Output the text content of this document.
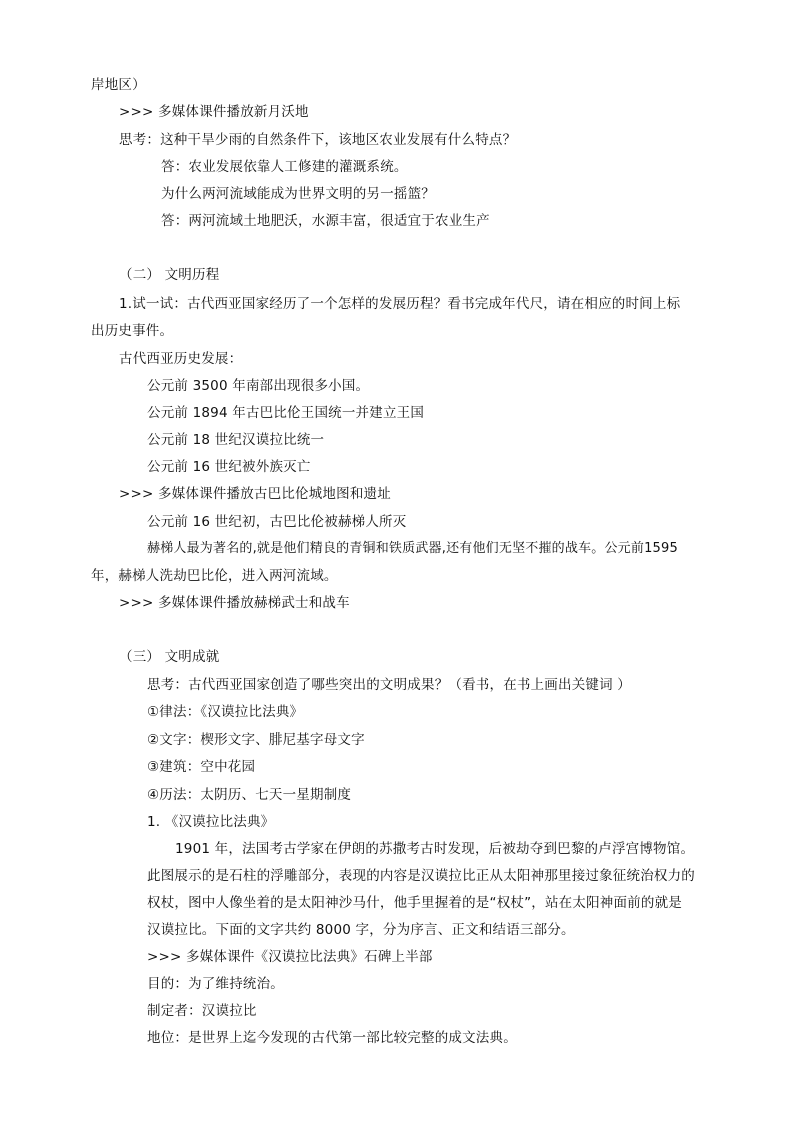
岸地区）
>>> 多媒体课件播放新月沃地
思考：这种干旱少雨的自然条件下，该地区农业发展有什么特点？
答：农业发展依靠人工修建的灌溉系统。
为什么两河流域能成为世界文明的另一摇篮？
答：两河流域土地肥沃，水源丰富，很适宜于农业生产
（二） 文明历程
1.试一试：古代西亚国家经历了一个怎样的发展历程？看书完成年代尺，请在相应的时间上标
出历史事件。
古代西亚历史发展：
公元前 3500 年南部出现很多小国。
公元前 1894 年古巴比伦王国统一并建立王国
公元前 18 世纪汉谟拉比统一
公元前 16 世纪被外族灭亡
>>> 多媒体课件播放古巴比伦城地图和遗址
公元前 16 世纪初，古巴比伦被赫梯人所灭
赫梯人最为著名的,就是他们精良的青铜和铁质武器,还有他们无坚不摧的战车。公元前1595
年，赫梯人洗劫巴比伦，进入两河流域。
>>> 多媒体课件播放赫梯武士和战车
（三） 文明成就
思考：古代西亚国家创造了哪些突出的文明成果？（看书，在书上画出关键词 ）
①律法：《汉谟拉比法典》
②文字：楔形文字、腓尼基字母文字
③建筑：空中花园
④历法：太阴历、七天一星期制度
1. 《汉谟拉比法典》
1901 年，法国考古学家在伊朗的苏撒考古时发现，后被劫夺到巴黎的卢浮宫博物馆。
此图展示的是石柱的浮雕部分，表现的内容是汉谟拉比正从太阳神那里接过象征统治权力的
权杖，图中人像坐着的是太阳神沙马什，他手里握着的是“权杖”，站在太阳神面前的就是
汉谟拉比。下面的文字共约 8000 字，分为序言、正文和结语三部分。
>>> 多媒体课件《汉谟拉比法典》石碑上半部
目的：为了维持统治。
制定者：汉谟拉比
地位：是世界上迄今发现的古代第一部比较完整的成文法典。
